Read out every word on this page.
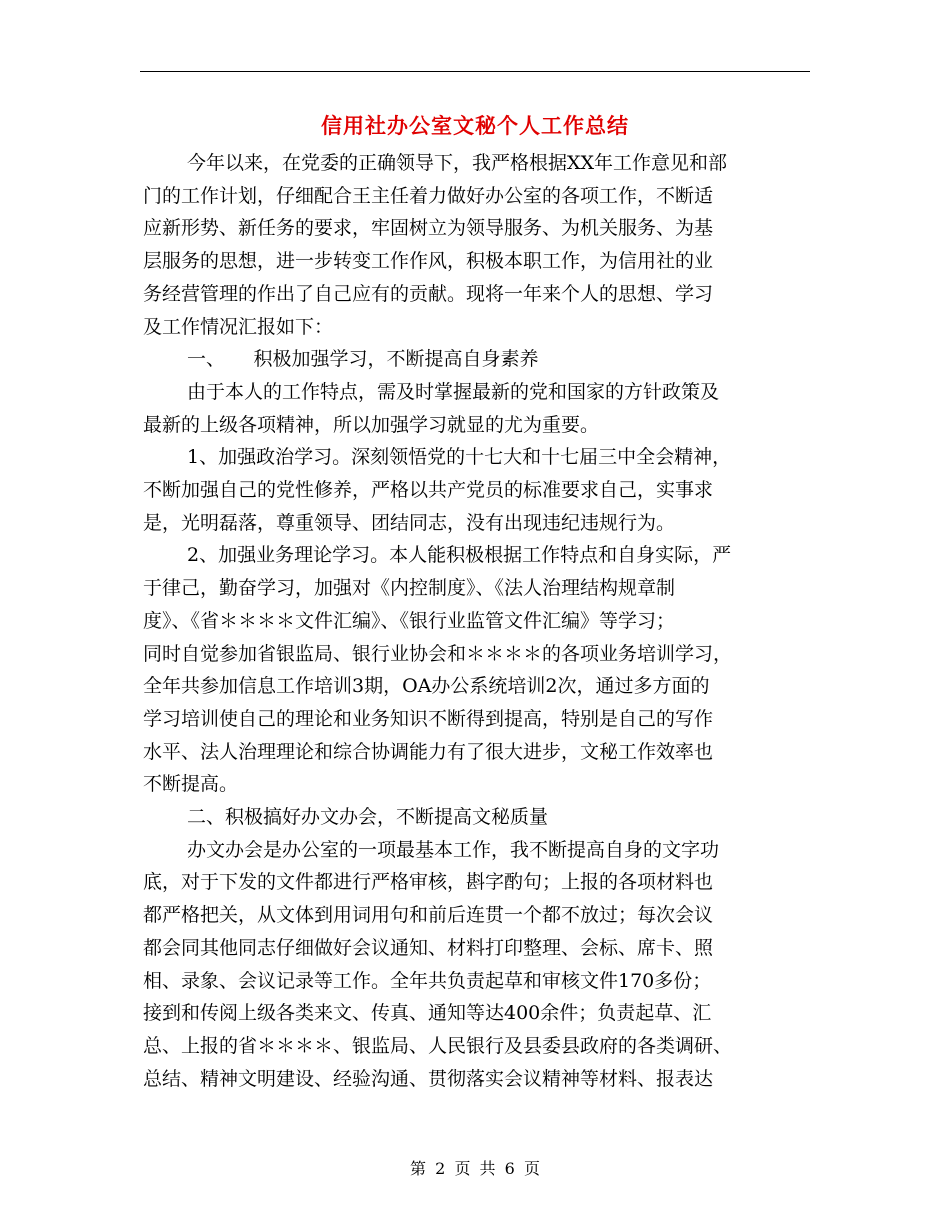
信用社办公室文秘个人工作总结
今年以来，在党委的正确领导下，我严格根据XX年工作意见和部
门的工作计划，仔细配合王主任着力做好办公室的各项工作，不断适
应新形势、新任务的要求，牢固树立为领导服务、为机关服务、为基
层服务的思想，进一步转变工作作风，积极本职工作，为信用社的业
务经营管理的作出了自己应有的贡献。现将一年来个人的思想、学习
及工作情况汇报如下：
一、　　积极加强学习，不断提高自身素养
由于本人的工作特点，需及时掌握最新的党和国家的方针政策及
最新的上级各项精神，所以加强学习就显的尤为重要。
1、加强政治学习。深刻领悟党的十七大和十七届三中全会精神，
不断加强自己的党性修养，严格以共产党员的标准要求自己，实事求
是，光明磊落，尊重领导、团结同志，没有出现违纪违规行为。
2、加强业务理论学习。本人能积极根据工作特点和自身实际，严
于律己，勤奋学习，加强对《内控制度》、《法人治理结构规章制
度》、《省＊＊＊＊文件汇编》、《银行业监管文件汇编》等学习；
同时自觉参加省银监局、银行业协会和＊＊＊＊的各项业务培训学习，
全年共参加信息工作培训3期，OA办公系统培训2次，通过多方面的
学习培训使自己的理论和业务知识不断得到提高，特别是自己的写作
水平、法人治理理论和综合协调能力有了很大进步，文秘工作效率也
不断提高。
二、积极搞好办文办会，不断提高文秘质量
办文办会是办公室的一项最基本工作，我不断提高自身的文字功
底，对于下发的文件都进行严格审核，斟字酌句；上报的各项材料也
都严格把关，从文体到用词用句和前后连贯一个都不放过；每次会议
都会同其他同志仔细做好会议通知、材料打印整理、会标、席卡、照
相、录象、会议记录等工作。全年共负责起草和审核文件170多份；
接到和传阅上级各类来文、传真、通知等达400余件；负责起草、汇
总、上报的省＊＊＊＊、银监局、人民银行及县委县政府的各类调研、
总结、精神文明建设、经验沟通、贯彻落实会议精神等材料、报表达
第 2 页 共 6 页
